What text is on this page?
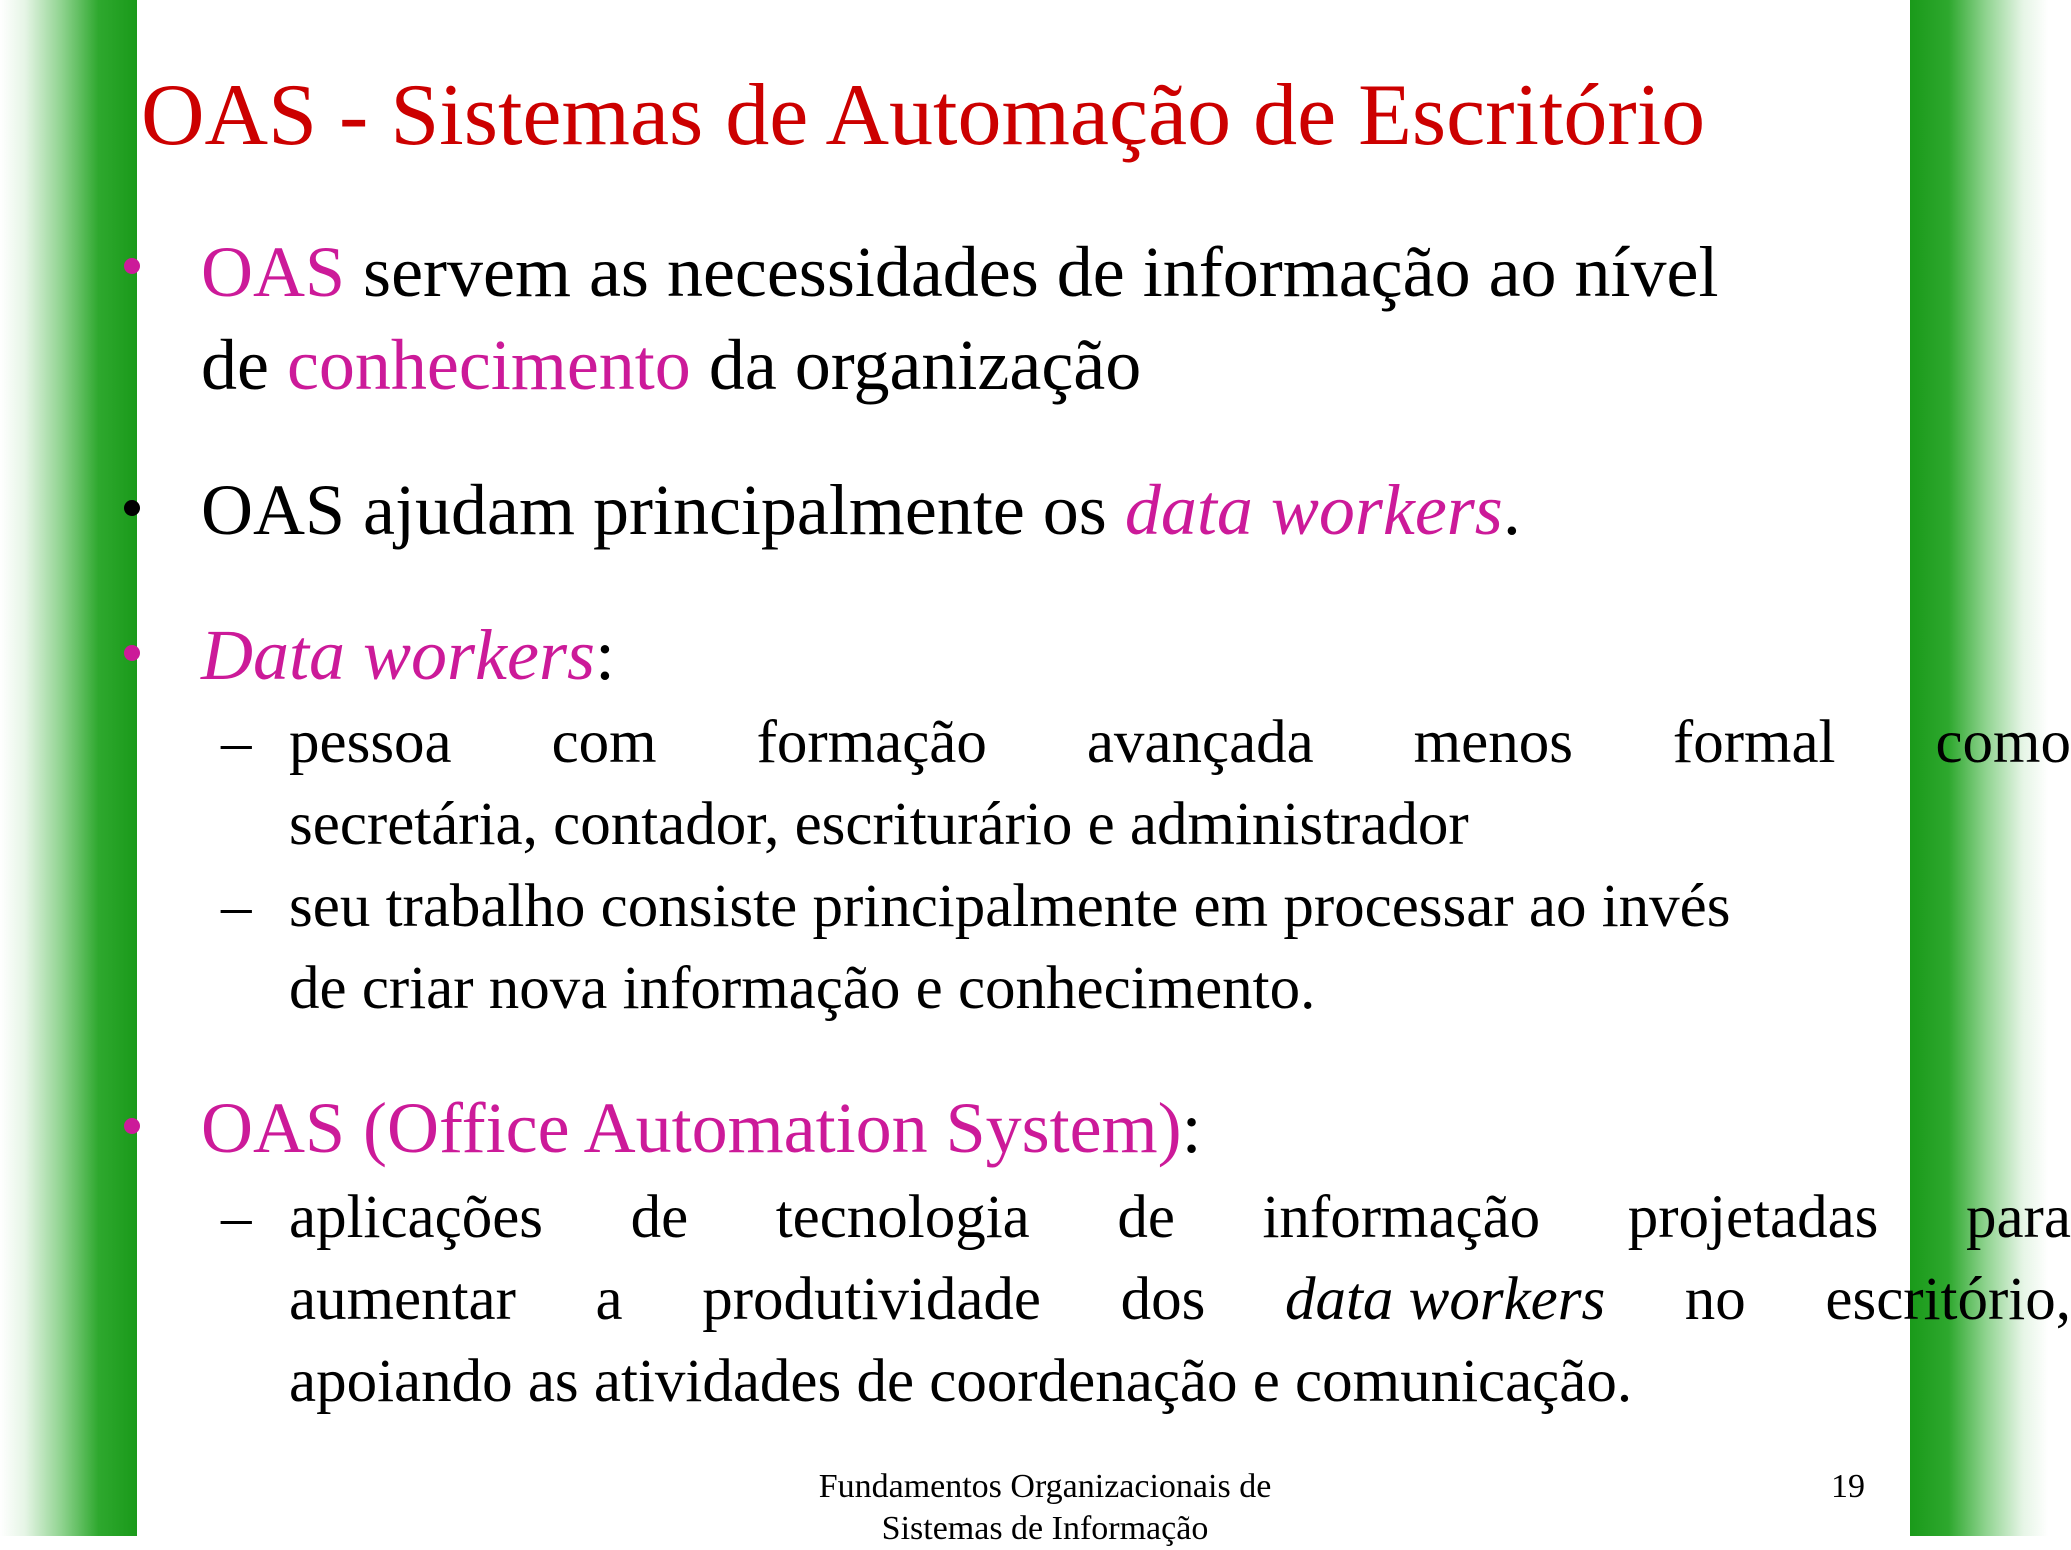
OAS - Sistemas de Automação de Escritório

OAS servem as necessidades de informação ao nível

de conhecimento da organização

OAS ajudam principalmente os data workers.

Data workers:

– pessoa com formação avançada menos formal como

secretária, contador, escriturário e administrador

– seu trabalho consiste principalmente em processar ao invés

de criar nova informação e conhecimento.

OAS (Office Automation System):

– aplicações de tecnologia de informação projetadas para

aumentar a produtividade dos data workers no escritório,

apoiando as atividades de coordenação e comunicação.

Fundamentos Organizacionais de
Sistemas de Informação
19
